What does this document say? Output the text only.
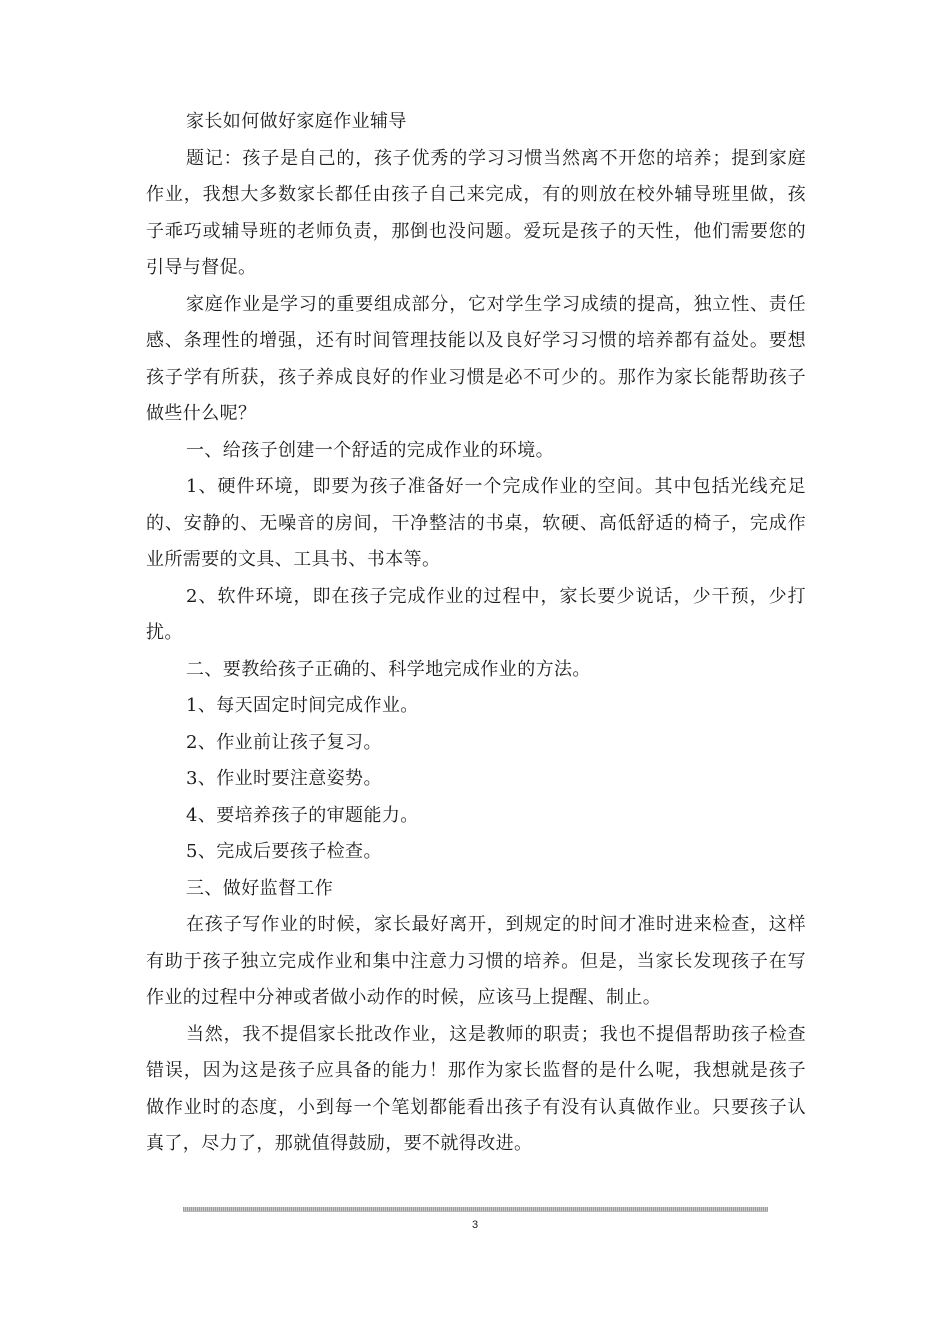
家长如何做好家庭作业辅导

题记：孩子是自己的，孩子优秀的学习习惯当然离不开您的培养；提到家庭作业，我想大多数家长都任由孩子自己来完成，有的则放在校外辅导班里做，孩子乖巧或辅导班的老师负责，那倒也没问题。爱玩是孩子的天性，他们需要您的引导与督促。

家庭作业是学习的重要组成部分，它对学生学习成绩的提高，独立性、责任感、条理性的增强，还有时间管理技能以及良好学习习惯的培养都有益处。要想孩子学有所获，孩子养成良好的作业习惯是必不可少的。那作为家长能帮助孩子做些什么呢？

一、给孩子创建一个舒适的完成作业的环境。

1、硬件环境，即要为孩子准备好一个完成作业的空间。其中包括光线充足的、安静的、无噪音的房间，干净整洁的书桌，软硬、高低舒适的椅子，完成作业所需要的文具、工具书、书本等。

2、软件环境，即在孩子完成作业的过程中，家长要少说话，少干预，少打扰。

二、要教给孩子正确的、科学地完成作业的方法。

1、每天固定时间完成作业。

2、作业前让孩子复习。

3、作业时要注意姿势。

4、要培养孩子的审题能力。

5、完成后要孩子检查。

三、做好监督工作

在孩子写作业的时候，家长最好离开，到规定的时间才准时进来检查，这样有助于孩子独立完成作业和集中注意力习惯的培养。但是，当家长发现孩子在写作业的过程中分神或者做小动作的时候，应该马上提醒、制止。

当然，我不提倡家长批改作业，这是教师的职责；我也不提倡帮助孩子检查错误，因为这是孩子应具备的能力！那作为家长监督的是什么呢，我想就是孩子做作业时的态度，小到每一个笔划都能看出孩子有没有认真做作业。只要孩子认真了，尽力了，那就值得鼓励，要不就得改进。

3
